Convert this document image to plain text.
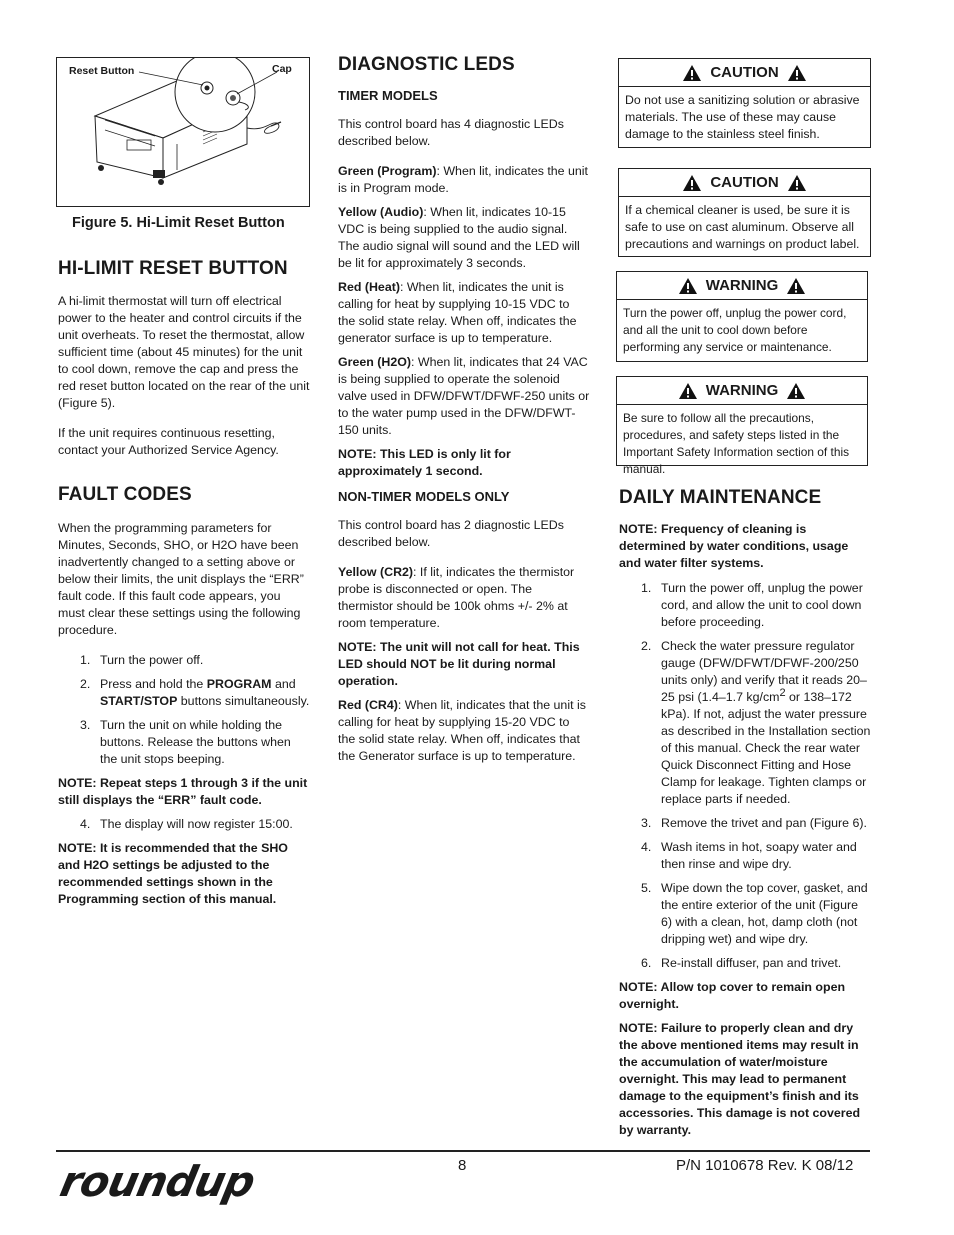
Reset Button	Cap
Figure 5. Hi-Limit Reset Button
HI-LIMIT RESET BUTTON

A hi-limit thermostat will turn off electrical power to the heater and control circuits if the unit overheats. To reset the thermostat, allow sufficient time (about 45 minutes) for the unit to cool down, remove the cap and press the red reset button located on the rear of the unit (Figure 5).

If the unit requires continuous resetting, contact your Authorized Service Agency.

FAULT CODES

When the programming parameters for Minutes, Seconds, SHO, or H2O have been inadvertently changed to a setting above or below their limits, the unit displays the “ERR” fault code. If this fault code appears, you must clear these settings using the following procedure.

1. Turn the power off.
2. Press and hold the PROGRAM and START/STOP buttons simultaneously.
3. Turn the unit on while holding the buttons. Release the buttons when the unit stops beeping.

NOTE: Repeat steps 1 through 3 if the unit still displays the “ERR” fault code.

4. The display will now register 15:00.

NOTE: It is recommended that the SHO and H2O settings be adjusted to the recommended settings shown in the Programming section of this manual.

DIAGNOSTIC LEDS
TIMER MODELS

This control board has 4 diagnostic LEDs described below.

Green (Program): When lit, indicates the unit is in Program mode.

Yellow (Audio): When lit, indicates 10-15 VDC is being supplied to the audio signal. The audio signal will sound and the LED will be lit for approximately 3 seconds.

Red (Heat): When lit, indicates the unit is calling for heat by supplying 10-15 VDC to the solid state relay. When off, indicates the generator surface is up to temperature.

Green (H2O): When lit, indicates that 24 VAC is being supplied to operate the solenoid valve used in DFW/DFWT/DFWF-250 units or to the water pump used in the DFW/DFWT-150 units.

NOTE: This LED is only lit for approximately 1 second.

NON-TIMER MODELS ONLY

This control board has 2 diagnostic LEDs described below.

Yellow (CR2): If lit, indicates the thermistor probe is disconnected or open. The thermistor should be 100k ohms +/- 2% at room temperature.

NOTE: The unit will not call for heat. This LED should NOT be lit during normal operation.

Red (CR4): When lit, indicates that the unit is calling for heat by supplying 15-20 VDC to the solid state relay. When off, indicates that the Generator surface is up to temperature.

CAUTION
Do not use a sanitizing solution or abrasive materials. The use of these may cause damage to the stainless steel finish.
CAUTION
If a chemical cleaner is used, be sure it is safe to use on cast aluminum. Observe all precautions and warnings on product label.
WARNING
Turn the power off, unplug the power cord, and all the unit to cool down before performing any service or maintenance.
WARNING
Be sure to follow all the precautions, procedures, and safety steps listed in the Important Safety Information section of this manual.
DAILY MAINTENANCE

NOTE: Frequency of cleaning is determined by water conditions, usage and water filter systems.

1. Turn the power off, unplug the power cord, and allow the unit to cool down before proceeding.
2. Check the water pressure regulator gauge (DFW/DFWT/DFWF-200/250 units only) and verify that it reads 20–25 psi (1.4–1.7 $kg/cm^2$ or 138–172 kPa). If not, adjust the water pressure as described in the Installation section of this manual. Check the rear water Quick Disconnect Fitting and Hose Clamp for leakage. Tighten clamps or replace parts if needed.
3. Remove the trivet and pan (Figure 6).
4. Wash items in hot, soapy water and then rinse and wipe dry.
5. Wipe down the top cover, gasket, and the entire exterior of the unit (Figure 6) with a clean, hot, damp cloth (not dripping wet) and wipe dry.
6. Re-install diffuser, pan and trivet.

NOTE: Allow top cover to remain open overnight.

NOTE: Failure to properly clean and dry the above mentioned items may result in the accumulation of water/moisture overnight. This may lead to permanent damage to the equipment’s finish and its accessories. This damage is not covered by warranty.

roundup	8	P/N 1010678 Rev. K 08/12
